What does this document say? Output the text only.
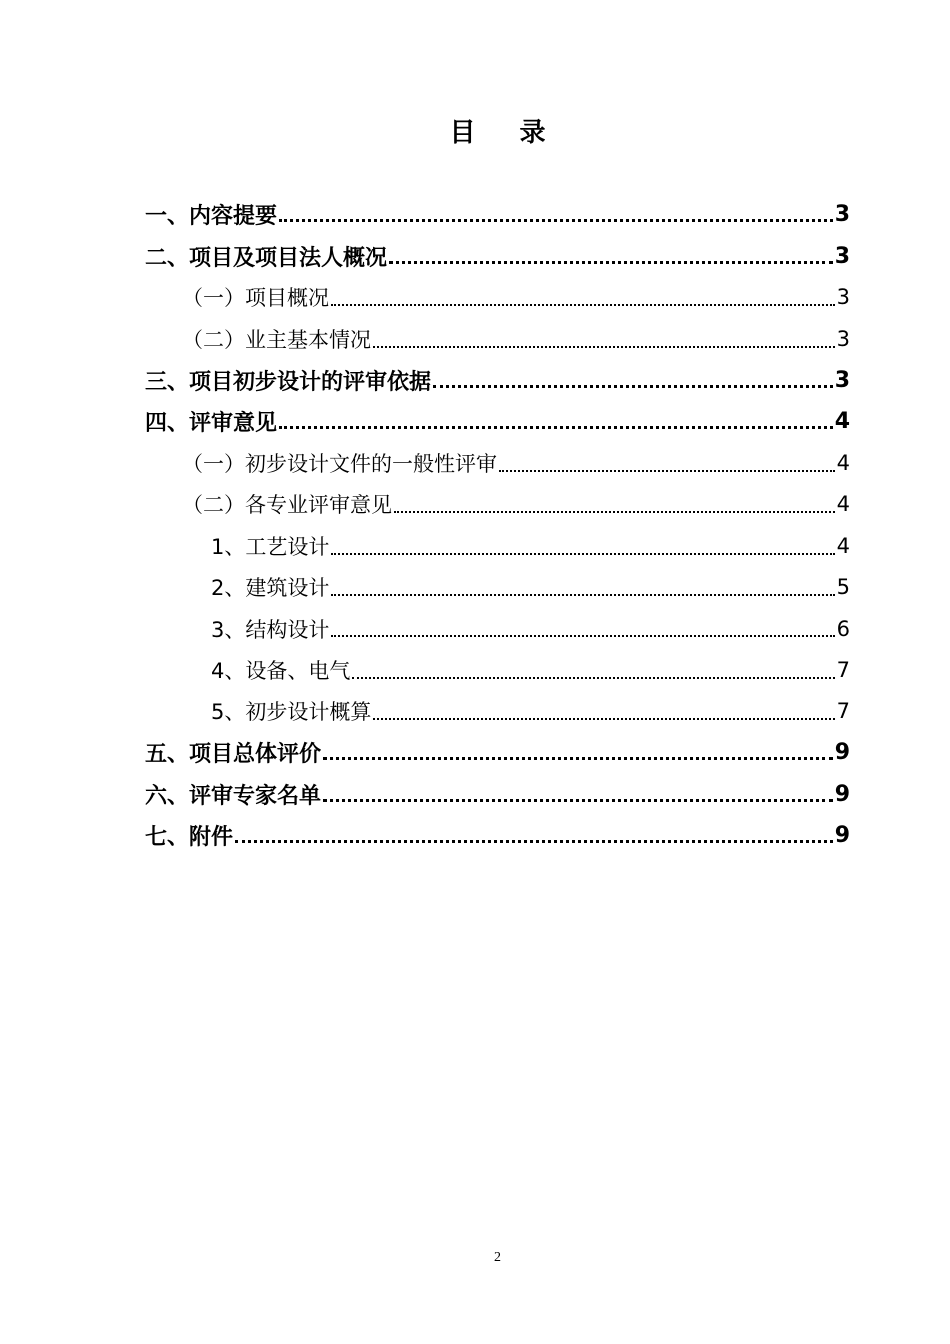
目 录
一、内容提要	3
二、项目及项目法人概况	3
（一）项目概况	3
（二）业主基本情况	3
三、项目初步设计的评审依据	3
四、评审意见	4
（一）初步设计文件的一般性评审	4
（二）各专业评审意见	4
1、工艺设计	4
2、建筑设计	5
3、结构设计	6
4、设备、电气	7
5、初步设计概算	7
五、项目总体评价	9
六、评审专家名单	9
七、附件	9
2
